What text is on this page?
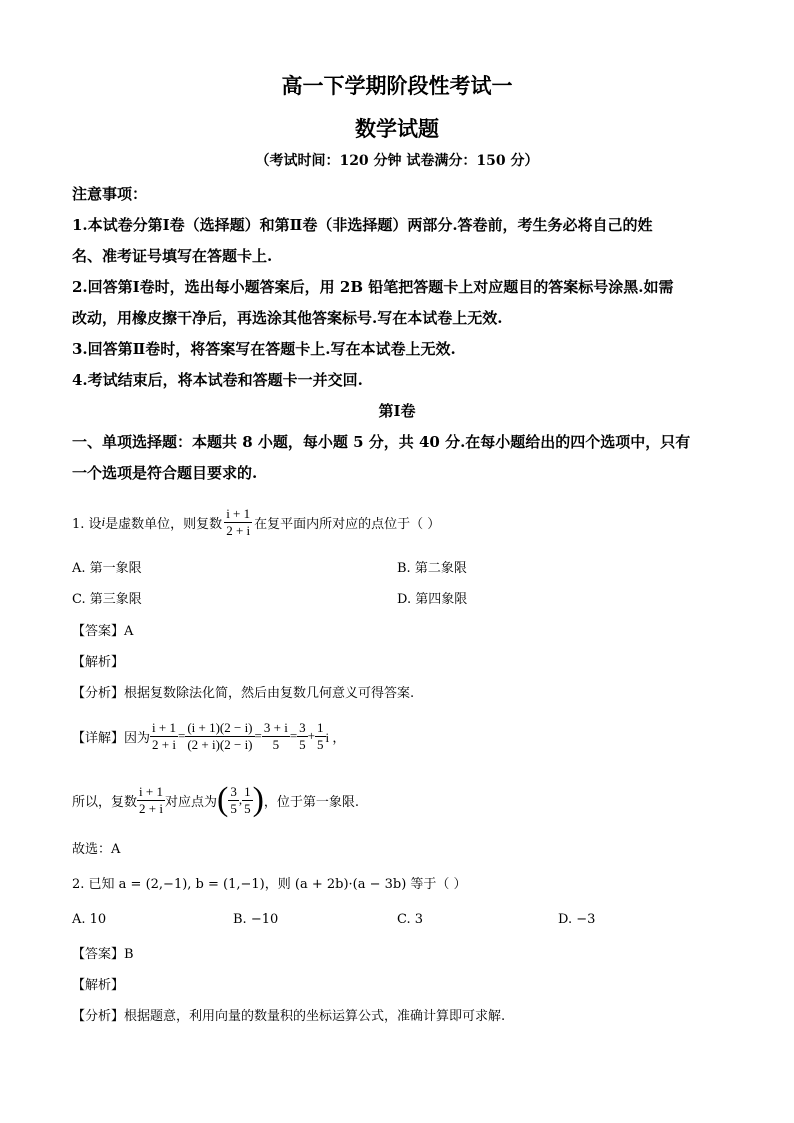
高一下学期阶段性考试一
数学试题
（考试时间：120 分钟 试卷满分：150 分）
注意事项：
1.本试卷分第Ⅰ卷（选择题）和第Ⅱ卷（非选择题）两部分.答卷前，考生务必将自己的姓
名、准考证号填写在答题卡上.
2.回答第Ⅰ卷时，选出每小题答案后，用 2B 铅笔把答题卡上对应题目的答案标号涂黑.如需
改动，用橡皮擦干净后，再选涂其他答案标号.写在本试卷上无效.
3.回答第Ⅱ卷时，将答案写在答题卡上.写在本试卷上无效.
4.考试结束后，将本试卷和答题卡一并交回.
第Ⅰ卷
一、单项选择题：本题共 8 小题，每小题 5 分，共 40 分.在每小题给出的四个选项中，只有
一个选项是符合题目要求的.
1. 设 i 是虚数单位，则复数 $\frac{i + 1}{2 + i}$ 在复平面内所对应的点位于（ ）
A. 第一象限	B. 第二象限
C. 第三象限	D. 第四象限
【答案】A
【解析】
【分析】根据复数除法化简，然后由复数几何意义可得答案.
【详解】因为 $\frac{i + 1}{2 + i} = \frac{(i + 1)(2 - i)}{(2 + i)(2 - i)} = \frac{3 + i}{5} = \frac{3}{5} + \frac{1}{5}$ i ，
所以，复数 $\frac{i + 1}{2 + i}$ 对应点为 ( $\frac{3}{5}$ , $\frac{1}{5}$ ) ，位于第一象限.
故选：A
2. 已知 a = (2,−1), b = (1,−1)，则 (a + 2b)·(a − 3b) 等于（ ）
A. 10	B. −10	C. 3	D. −3
【答案】B
【解析】
【分析】根据题意，利用向量的数量积的坐标运算公式，准确计算即可求解.
